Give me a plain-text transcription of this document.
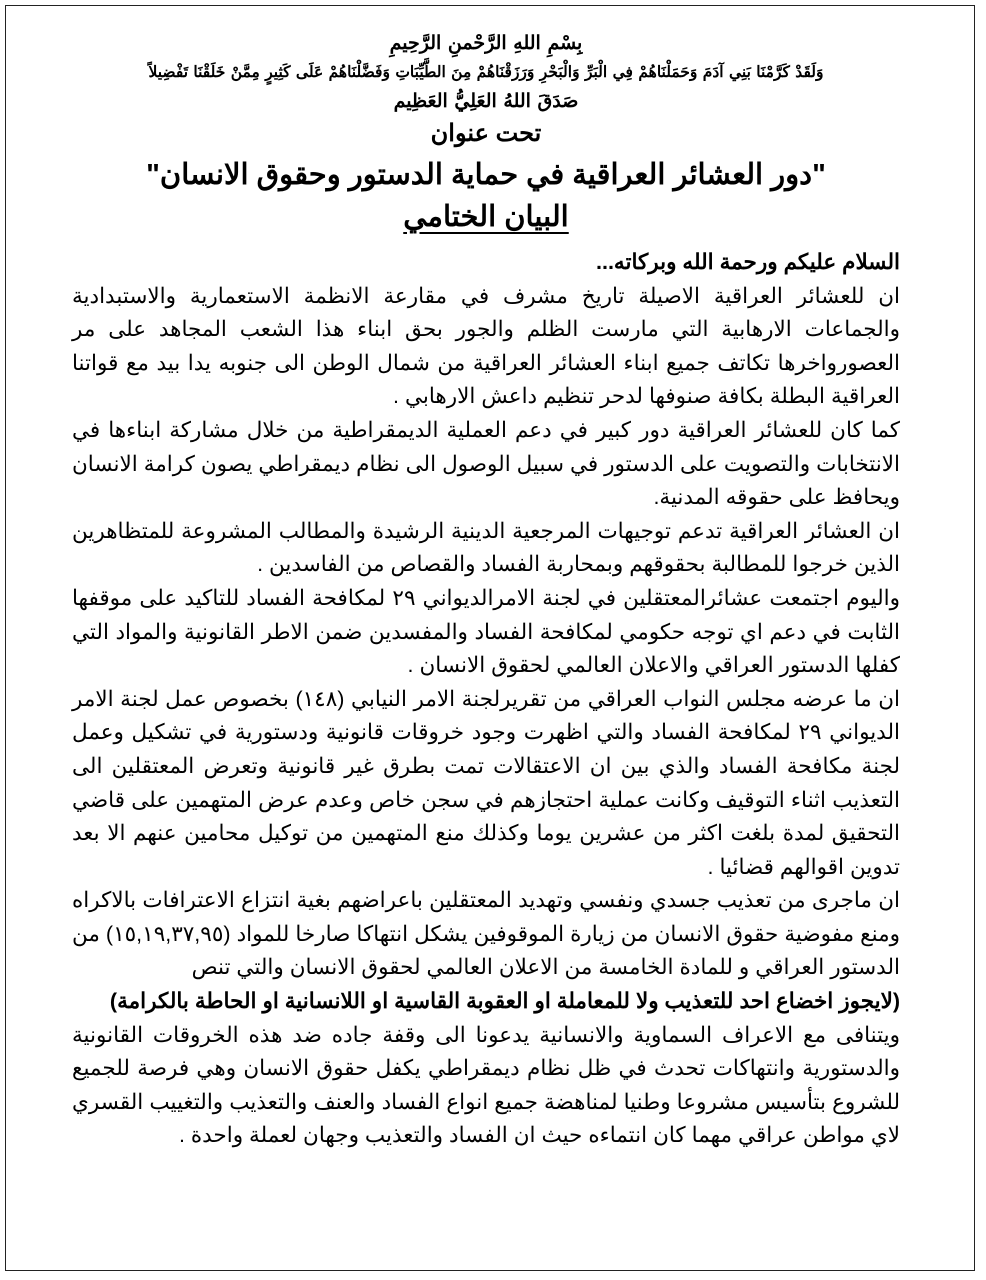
بِسْمِ اللهِ الرَّحْمنِ الرَّحِيمِ

وَلَقَدْ كَرَّمْنَا بَنِي آدَمَ وَحَمَلْنَاهُمْ فِي الْبَرِّ وَالْبَحْرِ وَرَزَقْنَاهُمْ مِنَ الطَّيِّبَاتِ وَفَضَّلْنَاهُمْ عَلَى كَثِيرٍ مِمَّنْ خَلَقْنَا تَفْضِيلاً

صَدَقَ اللهُ العَلِيُّ العَظِيم

تحت عنوان

"دور العشائر العراقية في حماية الدستور وحقوق الانسان"

البيان الختامي

السلام عليكم ورحمة الله وبركاته...

ان للعشائر العراقية الاصيلة تاريخ مشرف في مقارعة الانظمة الاستعمارية والاستبدادية والجماعات الارهابية التي مارست الظلم والجور بحق ابناء هذا الشعب المجاهد على مر العصورواخرها تكاتف جميع ابناء العشائر العراقية من شمال الوطن الى جنوبه يدا بيد مع قواتنا العراقية البطلة بكافة صنوفها لدحر تنظيم داعش الارهابي .

كما كان للعشائر العراقية دور كبير في دعم العملية الديمقراطية من خلال مشاركة ابناءها في الانتخابات والتصويت على الدستور في سبيل الوصول الى نظام ديمقراطي يصون كرامة الانسان ويحافظ على حقوقه المدنية.

ان العشائر العراقية تدعم توجيهات المرجعية الدينية الرشيدة والمطالب المشروعة للمتظاهرين الذين خرجوا للمطالبة بحقوقهم وبمحاربة الفساد والقصاص من الفاسدين .

واليوم اجتمعت عشائرالمعتقلين في لجنة الامرالديواني ٢٩ لمكافحة الفساد للتاكيد على موقفها الثابت في دعم اي توجه حكومي لمكافحة الفساد والمفسدين ضمن الاطر القانونية والمواد التي كفلها الدستور العراقي والاعلان العالمي لحقوق الانسان .

ان ما عرضه مجلس النواب العراقي من تقريرلجنة الامر النيابي (١٤٨) بخصوص عمل لجنة الامر الديواني ٢٩ لمكافحة الفساد والتي اظهرت وجود خروقات قانونية ودستورية في تشكيل وعمل لجنة مكافحة الفساد والذي بين ان الاعتقالات تمت بطرق غير قانونية وتعرض المعتقلين الى التعذيب اثناء التوقيف وكانت عملية احتجازهم في سجن خاص وعدم عرض المتهمين على قاضي التحقيق لمدة بلغت اكثر من عشرين يوما وكذلك منع المتهمين من توكيل محامين عنهم الا بعد تدوين اقوالهم قضائيا .

ان ماجرى من تعذيب جسدي ونفسي وتهديد المعتقلين باعراضهم بغية انتزاع الاعترافات بالاكراه ومنع مفوضية حقوق الانسان من زيارة الموقوفين يشكل انتهاكا صارخا للمواد (١٥,١٩,٣٧,٩٥) من الدستور العراقي و للمادة الخامسة من الاعلان العالمي لحقوق الانسان والتي تنص

(لايجوز اخضاع احد للتعذيب ولا للمعاملة او العقوبة القاسية او اللانسانية او الحاطة بالكرامة)

ويتنافى مع الاعراف السماوية والانسانية يدعونا الى وقفة جاده ضد هذه الخروقات القانونية والدستورية وانتهاكات تحدث في ظل نظام ديمقراطي يكفل حقوق الانسان وهي فرصة للجميع للشروع بتأسيس مشروعا وطنيا لمناهضة جميع انواع الفساد والعنف والتعذيب والتغييب القسري لاي مواطن عراقي مهما كان انتماءه حيث ان الفساد والتعذيب وجهان لعملة واحدة .
